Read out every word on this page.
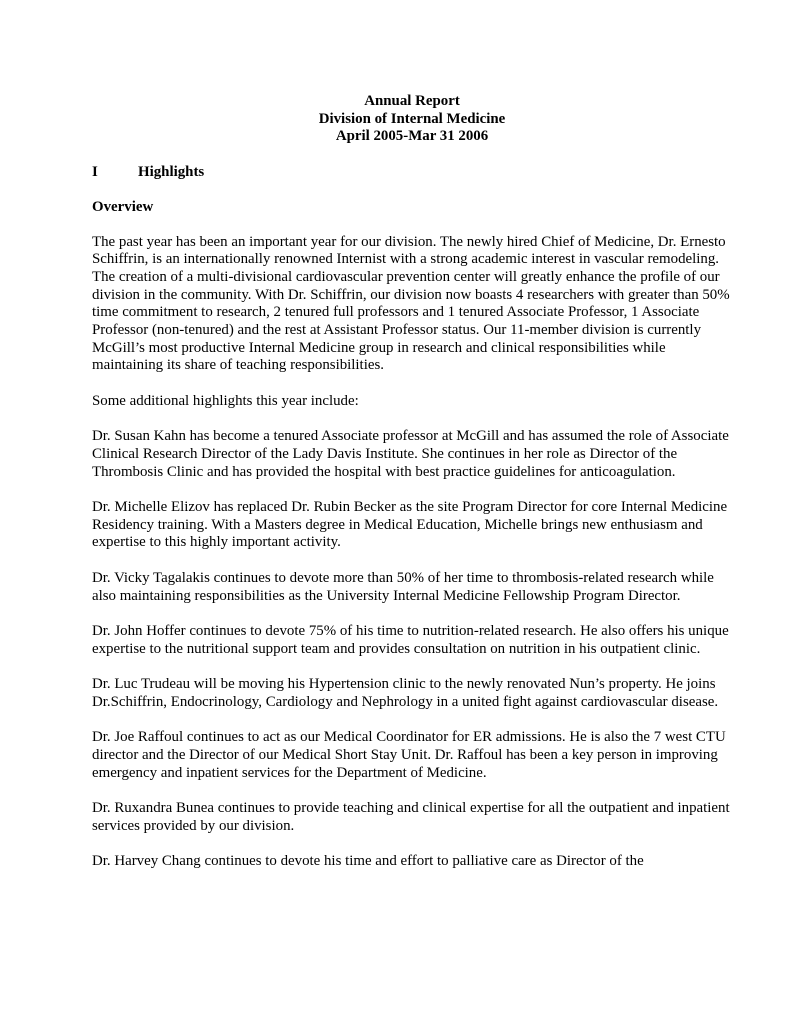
Annual Report
Division of Internal Medicine
April 2005-Mar 31 2006
I	Highlights
Overview

The past year has been an important year for our division. The newly hired Chief of Medicine, Dr. Ernesto Schiffrin, is an internationally renowned Internist with a strong academic interest in vascular remodeling. The creation of a multi-divisional cardiovascular prevention center will greatly enhance the profile of our division in the community. With Dr. Schiffrin, our division now boasts 4 researchers with greater than 50% time commitment to research, 2 tenured full professors and 1 tenured Associate Professor, 1 Associate Professor (non-tenured) and the rest at Assistant Professor status. Our 11-member division is currently McGill’s most productive Internal Medicine group in research and clinical responsibilities while maintaining its share of teaching responsibilities.

Some additional highlights this year include:

Dr. Susan Kahn has become a tenured Associate professor at McGill and has assumed the role of Associate Clinical Research Director of the Lady Davis Institute. She continues in her role as Director of the Thrombosis Clinic and has provided the hospital with best practice guidelines for anticoagulation.

Dr. Michelle Elizov has replaced Dr. Rubin Becker as the site Program Director for core Internal Medicine Residency training. With a Masters degree in Medical Education, Michelle brings new enthusiasm and expertise to this highly important activity.

Dr. Vicky Tagalakis continues to devote more than 50% of her time to thrombosis-related research while also maintaining responsibilities as the University Internal Medicine Fellowship Program Director.

Dr. John Hoffer continues to devote 75% of his time to nutrition-related research. He also offers his unique expertise to the nutritional support team and provides consultation on nutrition in his outpatient clinic.

Dr. Luc Trudeau will be moving his Hypertension clinic to the newly renovated Nun’s property. He joins Dr.Schiffrin, Endocrinology, Cardiology and Nephrology in a united fight against cardiovascular disease.

Dr. Joe Raffoul continues to act as our Medical Coordinator for ER admissions. He is also the 7 west CTU director and the Director of our Medical Short Stay Unit. Dr. Raffoul has been a key person in improving emergency and inpatient services for the Department of Medicine.

Dr. Ruxandra Bunea continues to provide teaching and clinical expertise for all the outpatient and inpatient services provided by our division.

Dr. Harvey Chang continues to devote his time and effort to palliative care as Director of the
